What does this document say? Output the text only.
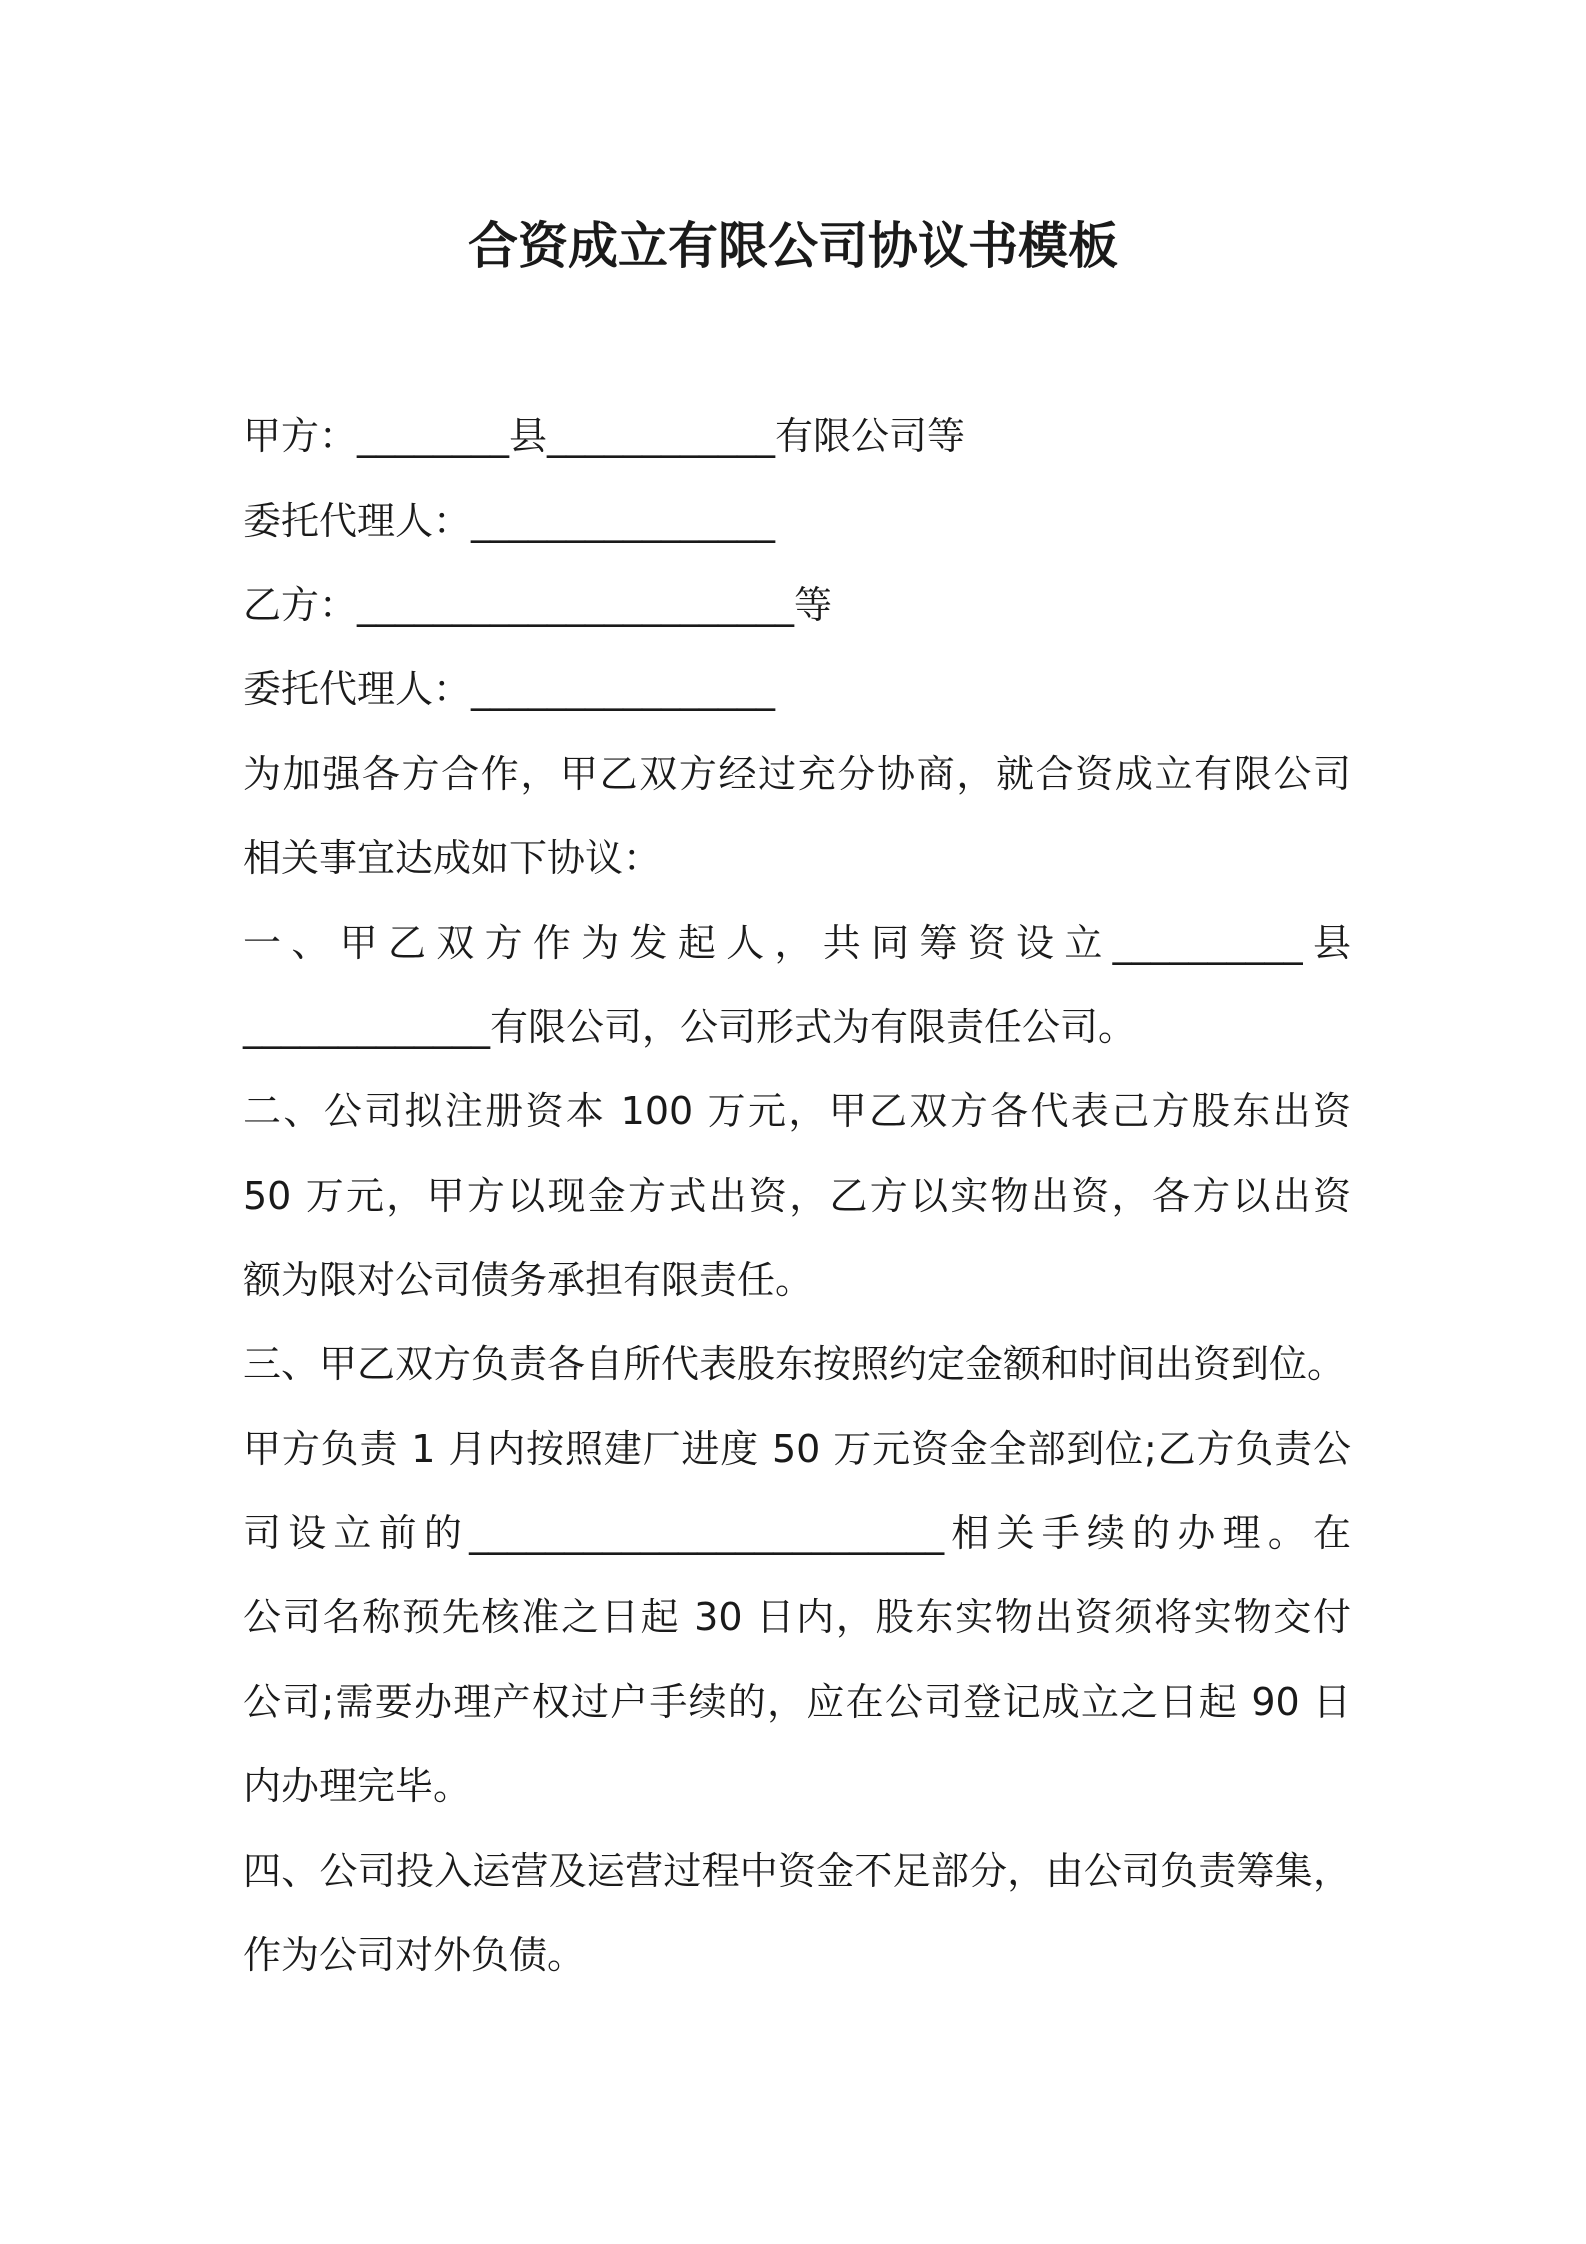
合资成立有限公司协议书模板
甲方：________县____________有限公司等
委托代理人：________________
乙方：_______________________等
委托代理人：________________
为加强各方合作，甲乙双方经过充分协商，就合资成立有限公司
相关事宜达成如下协议：
一、甲乙双方作为发起人，共同筹资设立__________县
_____________有限公司，公司形式为有限责任公司。
二、公司拟注册资本 100 万元，甲乙双方各代表己方股东出资
50 万元，甲方以现金方式出资，乙方以实物出资，各方以出资
额为限对公司债务承担有限责任。
三、甲乙双方负责各自所代表股东按照约定金额和时间出资到位。
甲方负责 1 月内按照建厂进度 50 万元资金全部到位;乙方负责公
司设立前的_________________________相关手续的办理。在
公司名称预先核准之日起 30 日内，股东实物出资须将实物交付
公司;需要办理产权过户手续的，应在公司登记成立之日起 90 日
内办理完毕。
四、公司投入运营及运营过程中资金不足部分，由公司负责筹集，
作为公司对外负债。
